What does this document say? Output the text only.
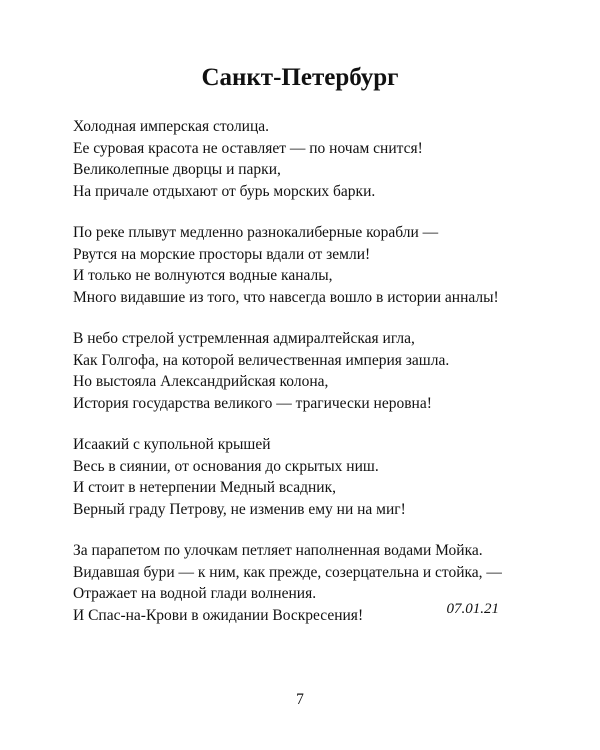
Санкт-Петербург
Холодная имперская столица.
Ее суровая красота не оставляет — по ночам снится!
Великолепные дворцы и парки,
На причале отдыхают от бурь морских барки.
По реке плывут медленно разнокалиберные корабли —
Рвутся на морские просторы вдали от земли!
И только не волнуются водные каналы,
Много видавшие из того, что навсегда вошло в истории анналы!
В небо стрелой устремленная адмиралтейская игла,
Как Голгофа, на которой величественная империя зашла.
Но выстояла Александрийская колона,
История государства великого — трагически неровна!
Исаакий с купольной крышей
Весь в сиянии, от основания до скрытых ниш.
И стоит в нетерпении Медный всадник,
Верный граду Петрову, не изменив ему ни на миг!
За парапетом по улочкам петляет наполненная водами Мойка.
Видавшая бури — к ним, как прежде, созерцательна и стойка, —
Отражает на водной глади волнения.
И Спас-на-Крови в ожидании Воскресения!	07.01.21
7
